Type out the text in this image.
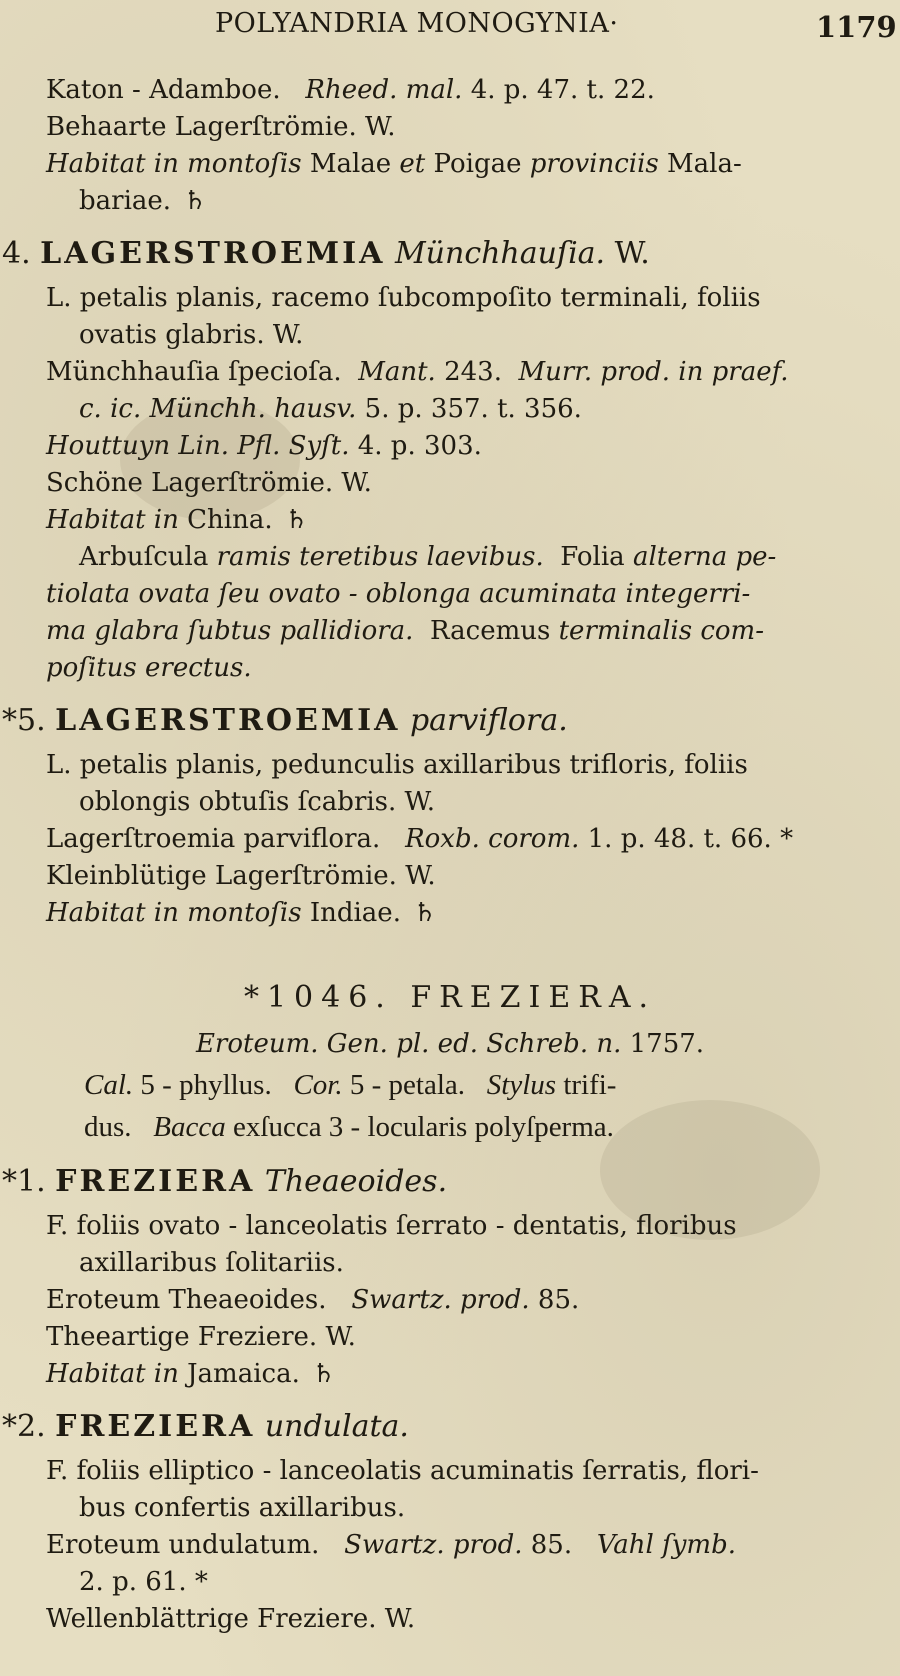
POLYANDRIA MONOGYNIA·	1179
Katon - Adamboe. Rheed. mal. 4. p. 47. t. 22.
Behaarte Lagerſtrömie. W.
Habitat in montoſis Malae et Poigae provinciis Mala-
bariae. ♄
4. LAGERSTROEMIA Münchhauſia. W.
L. petalis planis, racemo ſubcompoſito terminali, foliis
ovatis glabris. W.
Münchhauſia ſpecioſa. Mant. 243. Murr. prod. in praef.
c. ic. Münchh. hausv. 5. p. 357. t. 356.
Houttuyn Lin. Pfl. Syſt. 4. p. 303.
Schöne Lagerſtrömie. W.
Habitat in China. ♄
Arbuſcula ramis teretibus laevibus. Folia alterna pe-
tiolata ovata ſeu ovato - oblonga acuminata integerri-
ma glabra ſubtus pallidiora. Racemus terminalis com-
poſitus erectus.
*5. LAGERSTROEMIA parviflora.
L. petalis planis, pedunculis axillaribus trifloris, foliis
oblongis obtuſis ſcabris. W.
Lagerſtroemia parviflora. Roxb. corom. 1. p. 48. t. 66. *
Kleinblütige Lagerſtrömie. W.
Habitat in montoſis Indiae. ♄
*1046. FREZIERA.
Eroteum. Gen. pl. ed. Schreb. n. 1757.
Cal. 5 - phyllus. Cor. 5 - petala. Stylus trifi-
dus. Bacca exſucca 3 - locularis polyſperma.
*1. FREZIERA Theaeoides.
F. foliis ovato - lanceolatis ſerrato - dentatis, floribus
axillaribus ſolitariis.
Eroteum Theaeoides. Swartz. prod. 85.
Theeartige Freziere. W.
Habitat in Jamaica. ♄
*2. FREZIERA undulata.
F. foliis elliptico - lanceolatis acuminatis ſerratis, flori-
bus confertis axillaribus.
Eroteum undulatum. Swartz. prod. 85. Vahl ſymb.
2. p. 61. *
Wellenblättrige Freziere. W.
